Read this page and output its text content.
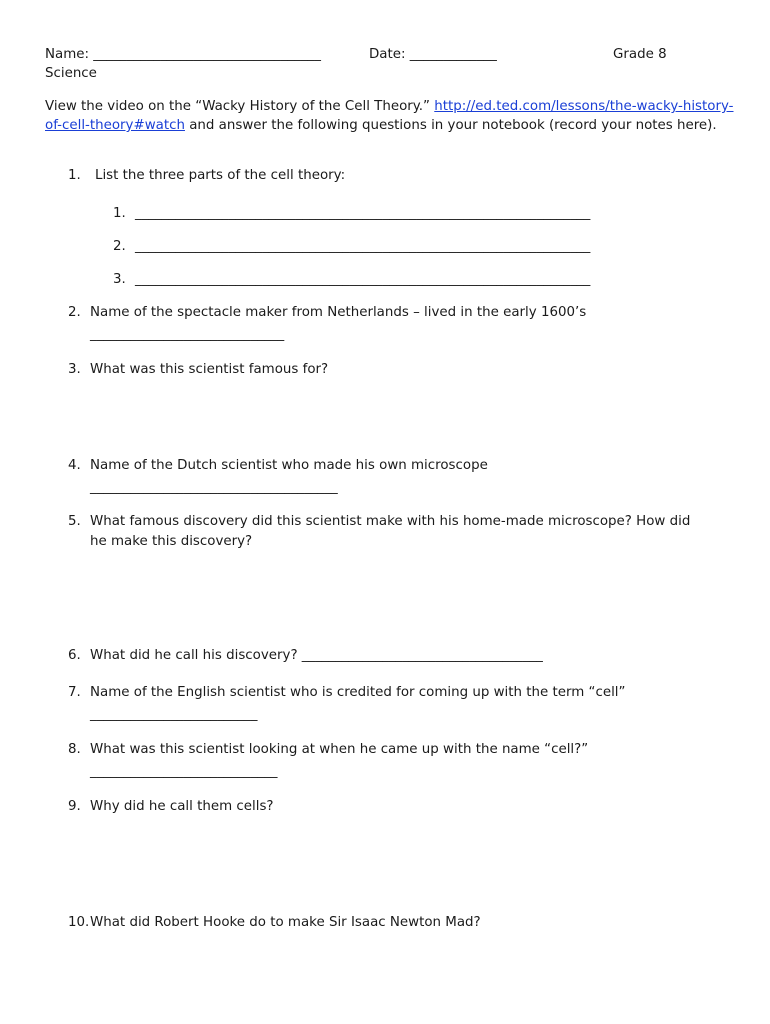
Name: __________________________________	Date: _____________	Grade 8
Science
View the video on the “Wacky History of the Cell Theory.” http://ed.ted.com/lessons/the-wacky-history-of-cell-theory#watch and answer the following questions in your notebook (record your notes here).
1. List the three parts of the cell theory:
1. ____________________________________________________________________
2. ____________________________________________________________________
3. ____________________________________________________________________
2. Name of the spectacle maker from Netherlands – lived in the early 1600’s
_____________________________
3. What was this scientist famous for?
4. Name of the Dutch scientist who made his own microscope
_____________________________________
5. What famous discovery did this scientist make with his home-made microscope? How did
he make this discovery?
6. What did he call his discovery? ____________________________________
7. Name of the English scientist who is credited for coming up with the term “cell”
_________________________
8. What was this scientist looking at when he came up with the name “cell?”
____________________________
9. Why did he call them cells?
10. What did Robert Hooke do to make Sir Isaac Newton Mad?
